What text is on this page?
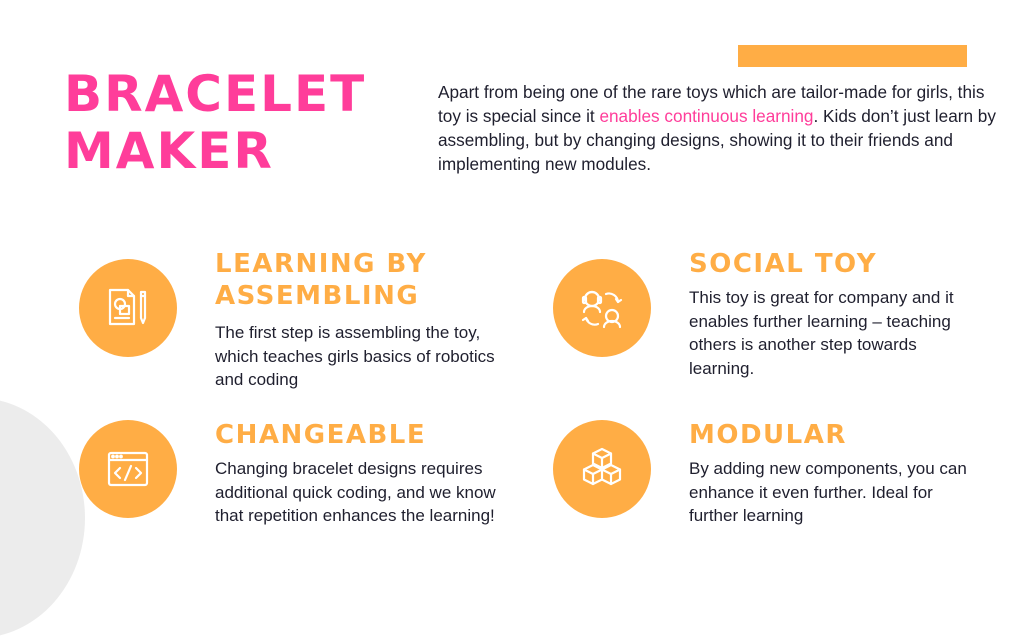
BRACELET
MAKER

Apart from being one of the rare toys which are tailor-made for girls, this toy is special since it enables continuous learning. Kids don’t just learn by assembling, but by changing designs, showing it to their friends and implementing new modules.

LEARNING BY
ASSEMBLING

The first step is assembling the toy, which teaches girls basics of robotics and coding

SOCIAL TOY

This toy is great for company and it enables further learning – teaching others is another step towards learning.

CHANGEABLE

Changing bracelet designs requires additional quick coding, and we know that repetition enhances the learning!

MODULAR

By adding new components, you can enhance it even further. Ideal for further learning
